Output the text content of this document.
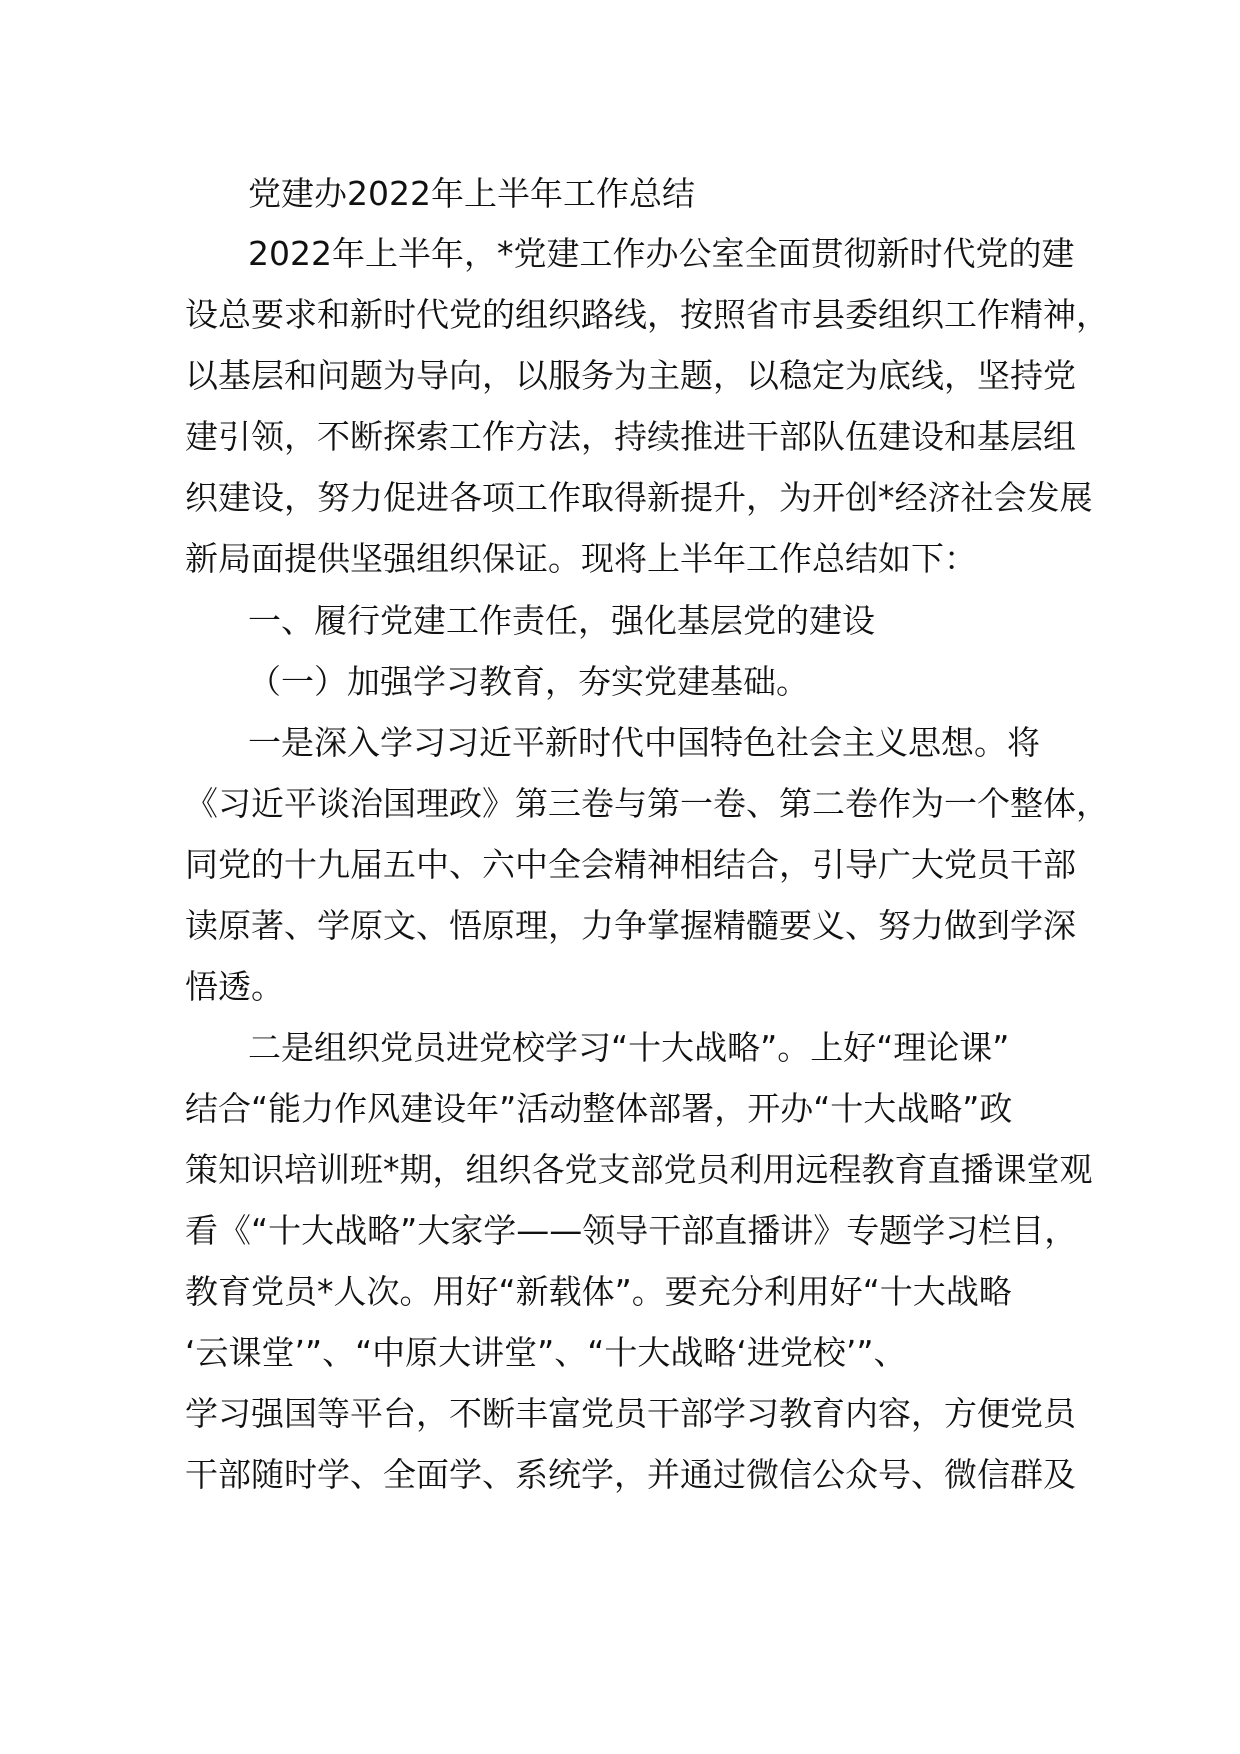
党建办2022年上半年工作总结

2022年上半年，*党建工作办公室全面贯彻新时代党的建

设总要求和新时代党的组织路线，按照省市县委组织工作精神，

以基层和问题为导向，以服务为主题，以稳定为底线，坚持党

建引领，不断探索工作方法，持续推进干部队伍建设和基层组

织建设，努力促进各项工作取得新提升，为开创*经济社会发展

新局面提供坚强组织保证。现将上半年工作总结如下：

一、履行党建工作责任，强化基层党的建设

（一）加强学习教育，夯实党建基础。

一是深入学习习近平新时代中国特色社会主义思想。将

《习近平谈治国理政》第三卷与第一卷、第二卷作为一个整体，

同党的十九届五中、六中全会精神相结合，引导广大党员干部

读原著、学原文、悟原理，力争掌握精髓要义、努力做到学深

悟透。

二是组织党员进党校学习“十大战略”。上好“理论课”

结合“能力作风建设年”活动整体部署，开办“十大战略”政

策知识培训班*期，组织各党支部党员利用远程教育直播课堂观

看《“十大战略”大家学——领导干部直播讲》专题学习栏目，

教育党员*人次。用好“新载体”。要充分利用好“十大战略

‘云课堂’”、“中原大讲堂”、“十大战略‘进党校’”、

学习强国等平台，不断丰富党员干部学习教育内容，方便党员

干部随时学、全面学、系统学，并通过微信公众号、微信群及
